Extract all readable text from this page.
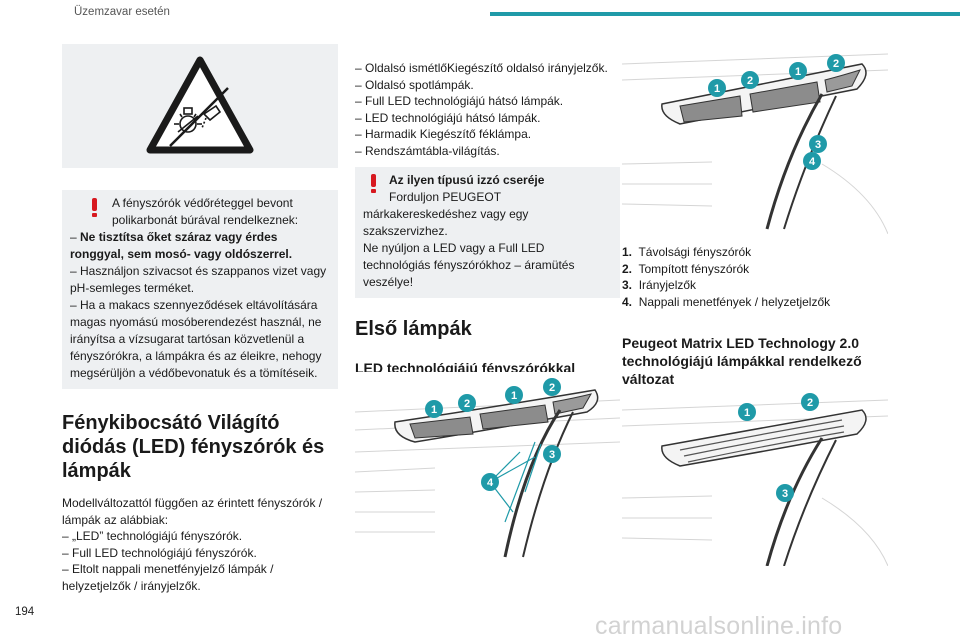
Üzemzavar esetén

A fényszórók védőréteggel bevont

polikarbonát búrával rendelkeznek:

– Ne tisztítsa őket száraz vagy érdes ronggyal, sem mosó- vagy oldószerrel.

– Használjon szivacsot és szappanos vizet vagy pH-semleges terméket.

– Ha a makacs szennyeződések eltávolítására magas nyomású mosóberendezést használ, ne irányítsa a vízsugarat tartósan közvetlenül a fényszórókra, a lámpákra és az éleikre, nehogy megsérüljön a védőbevonatuk és a tömítéseik.

Fénykibocsátó Világító diódás (LED) fényszórók és lámpák

Modellváltozattól függően az érintett fényszórók / lámpák az alábbiak:

– „LED” technológiájú fényszórók.
– Full LED technológiájú fényszórók.
– Eltolt nappali menetfényjelző lámpák / helyzetjelzők / irányjelzők.
– Oldalsó ismétlőKiegészítő oldalsó irányjelzők.
– Oldalsó spotlámpák.
– Full LED technológiájú hátsó lámpák.
– LED technológiájú hátsó lámpák.
– Harmadik Kiegészítő féklámpa.
– Rendszámtábla-világítás.

Az ilyen típusú izzó cseréje

Forduljon PEUGEOT

márkakereskedéshez vagy egy szakszervizhez.

Ne nyúljon a LED vagy a Full LED technológiás fényszórókhoz – áramütés veszélye!

Első lámpák
LED technológiájú fényszórókkal ellátott modell
1 2
1
2
3
4
1
2
1
2
3
4
1. Távolsági fényszórók
2. Tompított fényszórók
3. Irányjelzők
4. Nappali menetfények / helyzetjelzők
Peugeot Matrix LED Technology 2.0 technológiájú lámpákkal rendelkező változat
1
2
3
194	carmanualsonline.info
